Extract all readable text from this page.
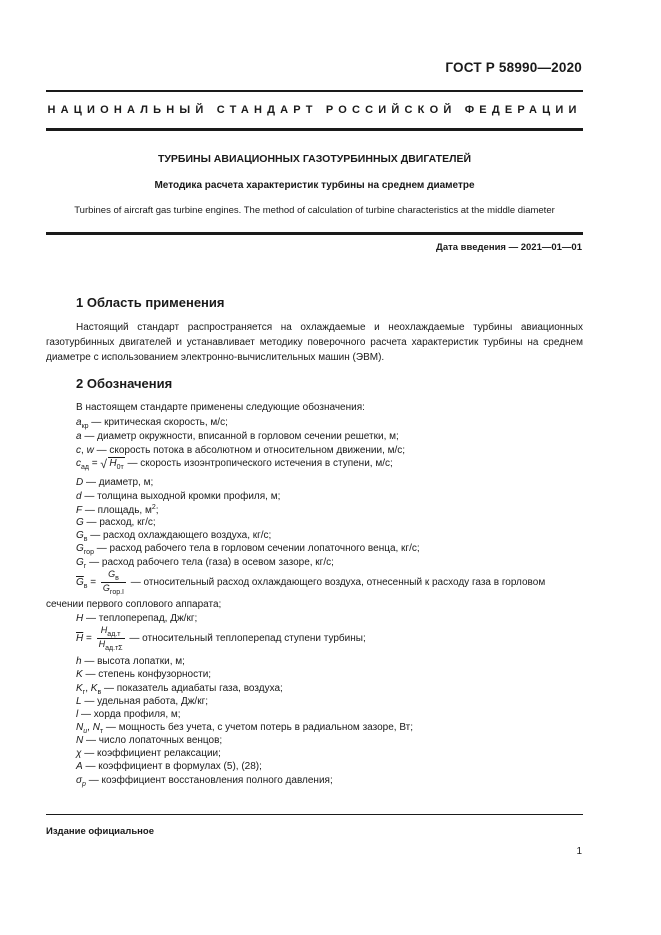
ГОСТ Р 58990—2020
НАЦИОНАЛЬНЫЙ СТАНДАРТ РОССИЙСКОЙ ФЕДЕРАЦИИ
ТУРБИНЫ АВИАЦИОННЫХ ГАЗОТУРБИННЫХ ДВИГАТЕЛЕЙ
Методика расчета характеристик турбины на среднем диаметре
Turbines of aircraft gas turbine engines. The method of calculation of turbine characteristics at the middle diameter
Дата введения — 2021—01—01
1 Область применения
Настоящий стандарт распространяется на охлаждаемые и неохлаждаемые турбины авиационных газотурбинных двигателей и устанавливает методику поверочного расчета характеристик турбины на среднем диаметре с использованием электронно-вычислительных машин (ЭВМ).
2 Обозначения
В настоящем стандарте применены следующие обозначения:
$a_{кр}$ — критическая скорость, м/с;
a — диаметр окружности, вписанной в горловом сечении решетки, м;
c, w — скорость потока в абсолютном и относительном движении, м/с;
$c_{ад}$ = √ $H_{0т}$ — скорость изоэнтропического истечения в ступени, м/с;
D — диаметр, м;
d — толщина выходной кромки профиля, м;
F — площадь, $м^2$;
G — расход, кг/с;
$G_в$ — расход охлаждающего воздуха, кг/с;
$G_{гор}$ — расход рабочего тела в горловом сечении лопаточного венца, кг/с;
$G_г$ — расход рабочего тела (газа) в осевом зазоре, кг/с;
$\overline{G}_в = \frac{G_в}{G_{гор.I}}$ — относительный расход охлаждающего воздуха, отнесенный к расходу газа в горловом
сечении первого соплового аппарата;
H — теплоперепад, Дж/кг;
$\overline{H} = \frac{H_{ад.т}}{H_{ад.т\Sigma}}$ — относительный теплоперепад ступени турбины;
h — высота лопатки, м;
K — степень конфузорности;
$K_г$, $K_в$ — показатель адиабаты газа, воздуха;
L — удельная работа, Дж/кг;
l — хорда профиля, м;
$N_u$, $N_т$ — мощность без учета, с учетом потерь в радиальном зазоре, Вт;
N — число лопаточных венцов;
χ — коэффициент релаксации;
A — коэффициент в формулах (5), (28);
$\sigma_p$ — коэффициент восстановления полного давления;
Издание официальное
1
